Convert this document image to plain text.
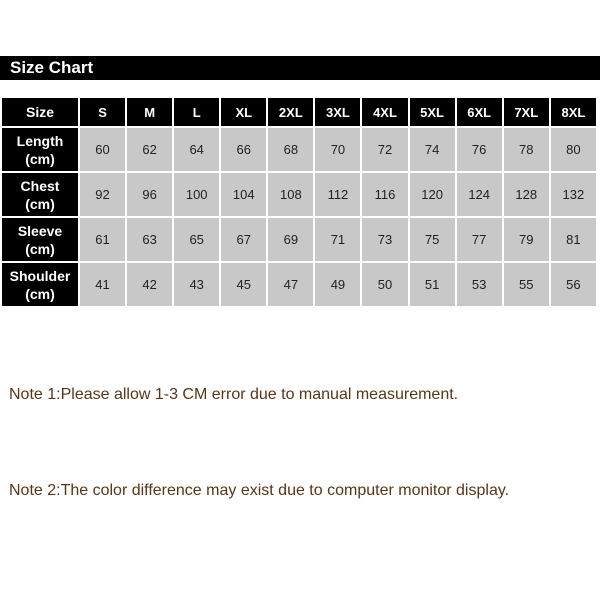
Size Chart
Size	S	M	L	XL	2XL	3XL	4XL	5XL	6XL	7XL	8XL
Length
(cm)	60	62	64	66	68	70	72	74	76	78	80
Chest
(cm)	92	96	100	104	108	112	116	120	124	128	132
Sleeve
(cm)	61	63	65	67	69	71	73	75	77	79	81
Shoulder
(cm)	41	42	43	45	47	49	50	51	53	55	56
Note 1:Please allow 1-3 CM error due to manual measurement.
Note 2:The color difference may exist due to computer monitor display.
